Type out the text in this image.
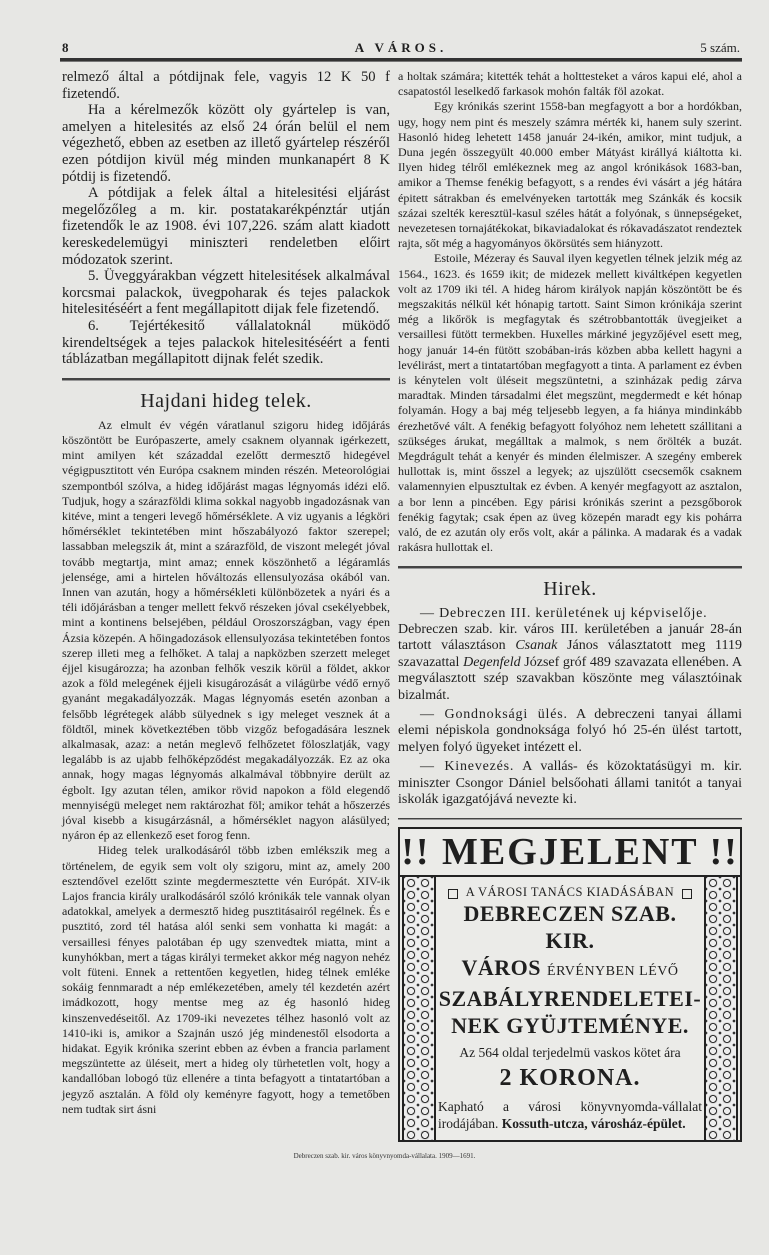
8	A VÁROS.	5 szám.

relmező által a pótdijnak fele, vagyis 12 K 50 f fizetendő.

Ha a kérelmezők között oly gyártelep is van, amelyen a hitelesités az első 24 órán belül el nem végezhető, ebben az esetben az illető gyártelep részéről ezen pótdijon kivül még minden munkanapért 8 K pótdij is fizetendő.

A pótdijak a felek által a hitelesitési eljárást megelőzőleg a m. kir. postatakarékpénztár utján fizetendők le az 1908. évi 107,226. szám alatt kiadott kereskedelemügyi miniszteri rendeletben előirt módozatok szerint.

5. Üveggyárakban végzett hitelesitések alkalmával korcsmai palackok, üvegpoharak és tejes palackok hitelesitéséért a fent megállapitott dijak fele fizetendő.

6. Tejértékesitő vállalatoknál müködő kirendeltségek a tejes palackok hitelesitéséért a fenti táblázatban megállapitott dijnak felét szedik.

Hajdani hideg telek.

Az elmult év végén váratlanul szigoru hideg időjárás köszöntött be Európaszerte, amely csaknem olyannak igérkezett, mint amilyen két századdal ezelőtt dermesztő hidegével végigpusztitott vén Európa csaknem minden részén. Meteorológiai szempontból szólva, a hideg időjárást magas légnyomás idézi elő. Tudjuk, hogy a szárazföldi klima sokkal nagyobb ingadozásnak van kitéve, mint a tengeri levegő hőmérséklete. A viz ugyanis a légköri hőmérséklet tekintetében mint hőszabályozó faktor szerepel; lassabban melegszik át, mint a szárazföld, de viszont melegét jóval tovább megtartja, mint amaz; ennek köszönhető a légáramlás jelensége, ami a hirtelen hőváltozás ellensulyozása okából van. Innen van azután, hogy a hőmérsékleti különbözetek a nyári és a téli időjárásban a tenger mellett fekvő részeken jóval csekélyebbek, mint a kontinens belsejében, például Oroszországban, vagy épen Ázsia közepén. A hőingadozások ellensulyozása tekintetében fontos szerep illeti meg a felhőket. A talaj a napközben szerzett meleget éjjel kisugározza; ha azonban felhők veszik körül a földet, akkor azok a föld melegének éjjeli kisugározását a világürbe védő ernyő gyanánt megakadályozzák. Magas légnyomás esetén azonban a felsőbb légrétegek alább sülyednek s igy meleget vesznek át a földtől, minek következtében több vizgőz befogadására lesznek alkalmasak, azaz: a netán meglevő felhőzetet föloszlatják, vagy legalább is az ujabb felhőképződést megakadályozzák. Ez az oka annak, hogy magas légnyomás alkalmával többnyire derült az égbolt. Igy azutan télen, amikor rövid napokon a föld elegendő mennyiségü meleget nem raktározhat föl; amikor tehát a hőszerzés jóval kisebb a kisugárzásnál, a hőmérséklet nagyon alásülyed; nyáron ép az ellenkező eset forog fenn.

Hideg telek uralkodásáról több izben emlékszik meg a történelem, de egyik sem volt oly szigoru, mint az, amely 200 esztendővel ezelőtt szinte megdermesztette vén Európát. XIV-ik Lajos francia király uralkodásáról szóló krónikák tele vannak olyan adatokkal, amelyek a dermesztő hideg pusztitásairól regélnek. És e pusztitó, zord tél hatása alól senki sem vonhatta ki magát: a versaillesi fényes palotában ép ugy szenvedtek miatta, mint a kunyhókban, mert a tágas királyi termeket akkor még nagyon nehéz volt füteni. Ennek a rettentően kegyetlen, hideg télnek emléke sokáig fennmaradt a nép emlékezetében, amely tél kezdetén azért imádkozott, hogy mentse meg az ég hasonló hideg kinszenvedéseitől. Az 1709-iki nevezetes télhez hasonló volt az 1410-iki is, amikor a Szajnán uszó jég mindenestől elsodorta a hidakat. Egyik krónika szerint ebben az évben a francia parlament megszüntette az üléseit, mert a hideg oly türhetetlen volt, hogy a kandallóban lobogó tüz ellenére a tinta befagyott a tintatartóban a jegyző asztalán. A föld oly keményre fagyott, hogy a temetőben nem tudtak sirt ásni

a holtak számára; kitették tehát a holttesteket a város kapui elé, ahol a csapatostól leselkedő farkasok mohón falták föl azokat.

Egy krónikás szerint 1558-ban megfagyott a bor a hordókban, ugy, hogy nem pint és meszely számra mérték ki, hanem suly szerint. Hasonló hideg lehetett 1458 január 24-ikén, amikor, mint tudjuk, a Duna jegén összegyült 40.000 ember Mátyást királlyá kiáltotta ki. Ilyen hideg télről emlékeznek meg az angol krónikások 1683-ban, amikor a Themse fenékig befagyott, s a rendes évi vásárt a jég hátára épitett sátrakban és emelvényeken tartották meg Szánkák és kocsik százai szelték keresztül-kasul széles hátát a folyónak, s ünnepségeket, nevezetesen tornajátékokat, bikaviadalokat és rókavadászatot rendeztek rajta, sőt még a hagyományos ökörsütés sem hiányzott.

Estoile, Mézeray és Sauval ilyen kegyetlen télnek jelzik még az 1564., 1623. és 1659 ikit; de midezek mellett kiváltképen kegyetlen volt az 1709 iki tél. A hideg három királyok napján köszöntött be és megszakitás nélkül két hónapig tartott. Saint Simon krónikája szerint még a likőrök is megfagytak és szétrobbantották üvegjeiket a versaillesi fütött termekben. Huxelles márkiné jegyzőjével esett meg, hogy január 14-én fütött szobában-irás közben abba kellett hagyni a levélirást, mert a tintatartóban megfagyott a tinta. A parlament ez évben is kénytelen volt üléseit megszüntetni, a szinházak pedig zárva maradtak. Minden társadalmi élet megszünt, megdermedt e két hónap folyamán. Hogy a baj még teljesebb legyen, a fa hiánya mindinkább érezhetővé vált. A fenékig befagyott folyóhoz nem lehetett szállitani a szükséges árukat, megálltak a malmok, s nem őrölték a buzát. Megdrágult tehát a kenyér és minden élelmiszer. A szegény emberek hullottak is, mint ősszel a legyek; az ujszülött csecsemők csaknem valamennyien elpusztultak ez évben. A kenyér megfagyott az asztalon, a bor lenn a pincében. Egy párisi krónikás szerint a pezsgőborok fenékig fagytak; csak épen az üveg közepén maradt egy kis pohárra való, de ez azután oly erős volt, akár a pálinka. A madarak és a vadak rakásra hullottak el.

Hirek.

— Debreczen III. kerületének uj képviselője.
Debreczen szab. kir. város III. kerületében a január 28-án tartott választáson Csanak János választatott meg 1119 szavazattal Degenfeld József gróf 489 szavazata ellenében. A megválasztott szép szavakban köszönte meg választóinak bizalmát.

— Gondnoksági ülés. A debreczeni tanyai állami elemi népiskola gondnoksága folyó hó 25-én ülést tartott, melyen folyó ügyeket intézett el.

— Kinevezés. A vallás- és közoktatásügyi m. kir. miniszter Csongor Dániel belsőohati állami tanitót a tanyai iskolák igazgatójává nevezte ki.

!! MEGJELENT !!
A VÁROSI TANÁCS KIADÁSÁBAN
DEBRECZEN SZAB. KIR.
VÁROS ÉRVÉNYBEN LÉVŐ
SZABÁLYRENDELETEI-
NEK GYÜJTEMÉNYE.
Az 564 oldal terjedelmü vaskos kötet ára
2 KORONA.
Kapható a városi könyvnyomda-vállalat irodájában. Kossuth-utcza, városház-épület.
Debreczen szab. kir. város könyvnyomda-vállalata. 1909—1691.
